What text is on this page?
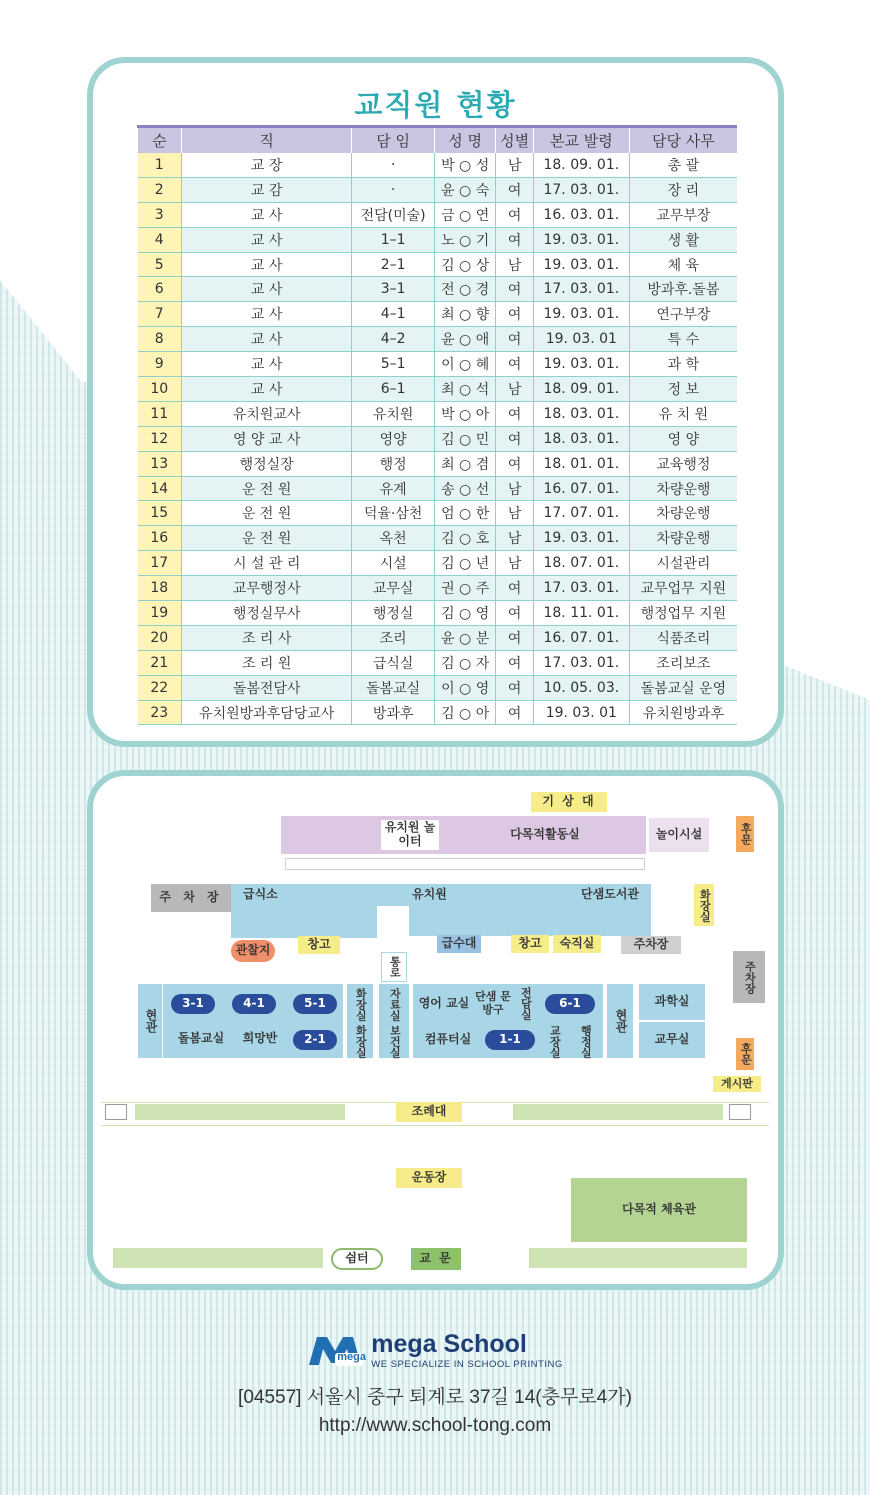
교직원 현황
순	직	담 임	성 명	성별	본교 발령	담당 사무
1	교 장	·	박 ○ 성	남	18. 09. 01.	총 괄
2	교 감	·	윤 ○ 숙	여	17. 03. 01.	장 리
3	교 사	전담(미술)	금 ○ 연	여	16. 03. 01.	교무부장
4	교 사	1–1	노 ○ 기	여	19. 03. 01.	생 활
5	교 사	2–1	김 ○ 상	남	19. 03. 01.	체 육
6	교 사	3–1	전 ○ 경	여	17. 03. 01.	방과후.돌봄
7	교 사	4–1	최 ○ 향	여	19. 03. 01.	연구부장
8	교 사	4–2	윤 ○ 애	여	19. 03. 01	특 수
9	교 사	5–1	이 ○ 혜	여	19. 03. 01.	과 학
10	교 사	6–1	최 ○ 석	남	18. 09. 01.	정 보
11	유치원교사	유치원	박 ○ 아	여	18. 03. 01.	유 치 원
12	영 양 교 사	영양	김 ○ 민	여	18. 03. 01.	영 양
13	행정실장	행정	최 ○ 겸	여	18. 01. 01.	교육행정
14	운 전 원	유계	송 ○ 선	남	16. 07. 01.	차량운행
15	운 전 원	덕율·삼천	엄 ○ 한	남	17. 07. 01.	차량운행
16	운 전 원	옥천	김 ○ 호	남	19. 03. 01.	차량운행
17	시 설 관 리	시설	김 ○ 년	남	18. 07. 01.	시설관리
18	교무행정사	교무실	권 ○ 주	여	17. 03. 01.	교무업무 지원
19	행정실무사	행정실	김 ○ 영	여	18. 11. 01.	행정업무 지원
20	조 리 사	조리	윤 ○ 분	여	16. 07. 01.	식품조리
21	조 리 원	급식실	김 ○ 자	여	17. 03. 01.	조리보조
22	돌봄전담사	돌봄교실	이 ○ 영	여	10. 05. 03.	돌봄교실 운영
23	유치원방과후담당교사	방과후	김 ○ 아	여	19. 03. 01	유치원방과후
기 상 대
유치원 놀이터	다목적활동실	놀이시설	후문
주 차 장	급식소	유치원	단샘도서관	화장실
창고
관찰지
통로
급수대	창고	숙직실	주차장
주차장
현관
3-1	4-1	5-1
돌봄교실	희망반	2-1
화장실
화장실
자료실
보건실
영어 교실 단샘 문방구	전담실	6-1
컴퓨터실	1-1	교장실	행정실
현관
과학실
교무실
후문
게시판
조례대
운동장
다목적 체육관
쉼터	교 문
mega mega School
WE SPECIALIZE IN SCHOOL PRINTING
[04557] 서울시 중구 퇴계로 37길 14(충무로4가)
http://www.school-tong.com
